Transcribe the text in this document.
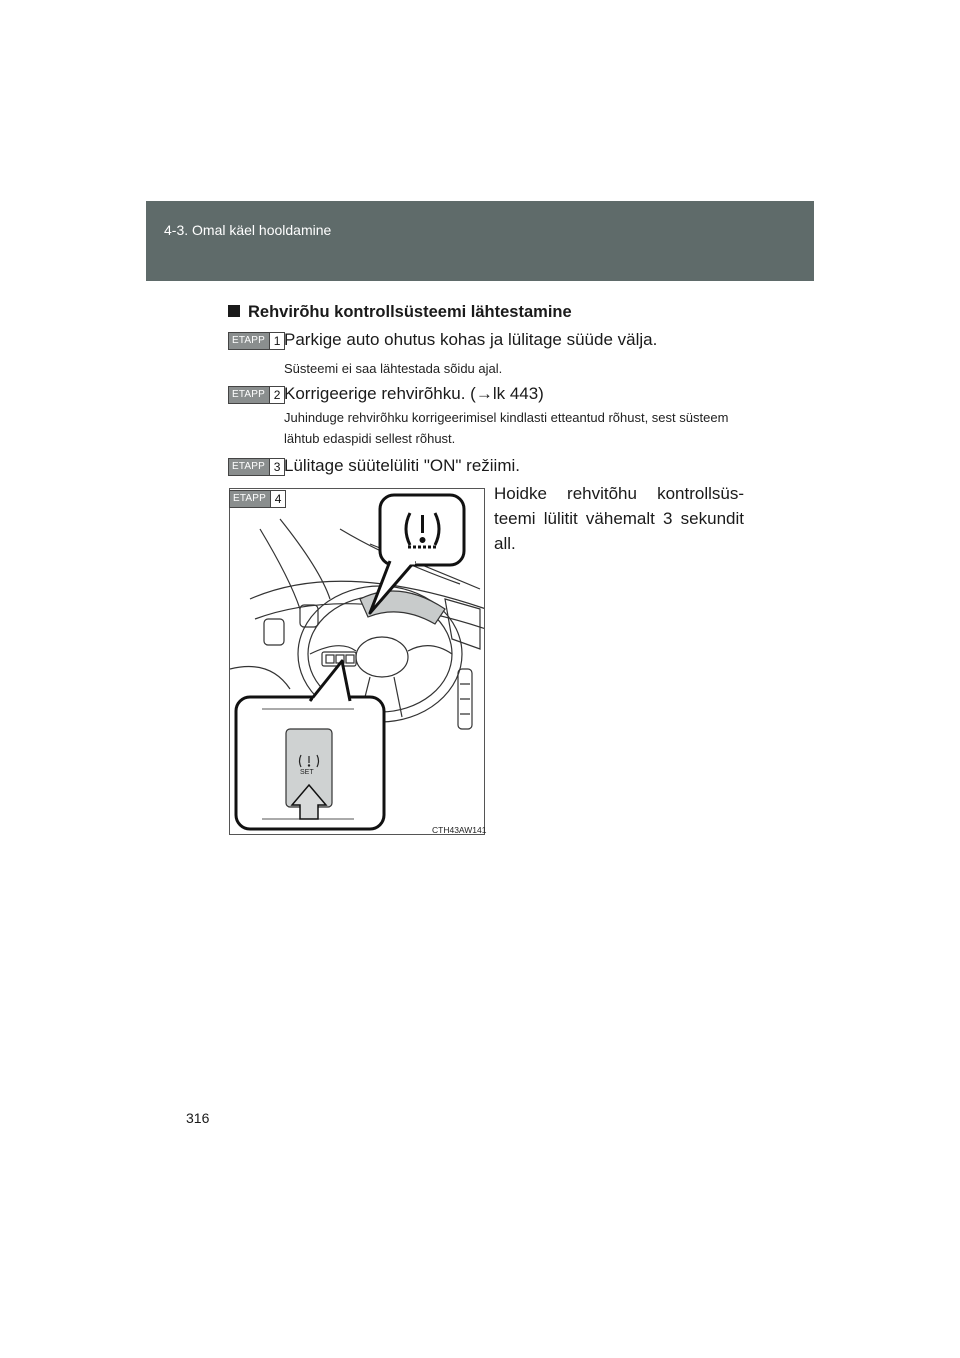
4-3. Omal käel hooldamine
Rehvirõhu kontrollsüsteemi lähtestamine
ETAPP 1 Parkige auto ohutus kohas ja lülitage süüde välja.
Süsteemi ei saa lähtestada sõidu ajal.
ETAPP 2 Korrigeerige rehvirõhku. (→lk 443)
Juhinduge rehvirõhku korrigeerimisel kindlasti etteantud rõhust, sest süsteem lähtub edaspidi sellest rõhust.
ETAPP 3 Lülitage süütelüliti "ON" režiimi.
Hoidke rehvitõhu kontrollsüs-teemi lülitit vähemalt 3 sekundit all.
SET
ETAPP 4
CTH43AW141
316
